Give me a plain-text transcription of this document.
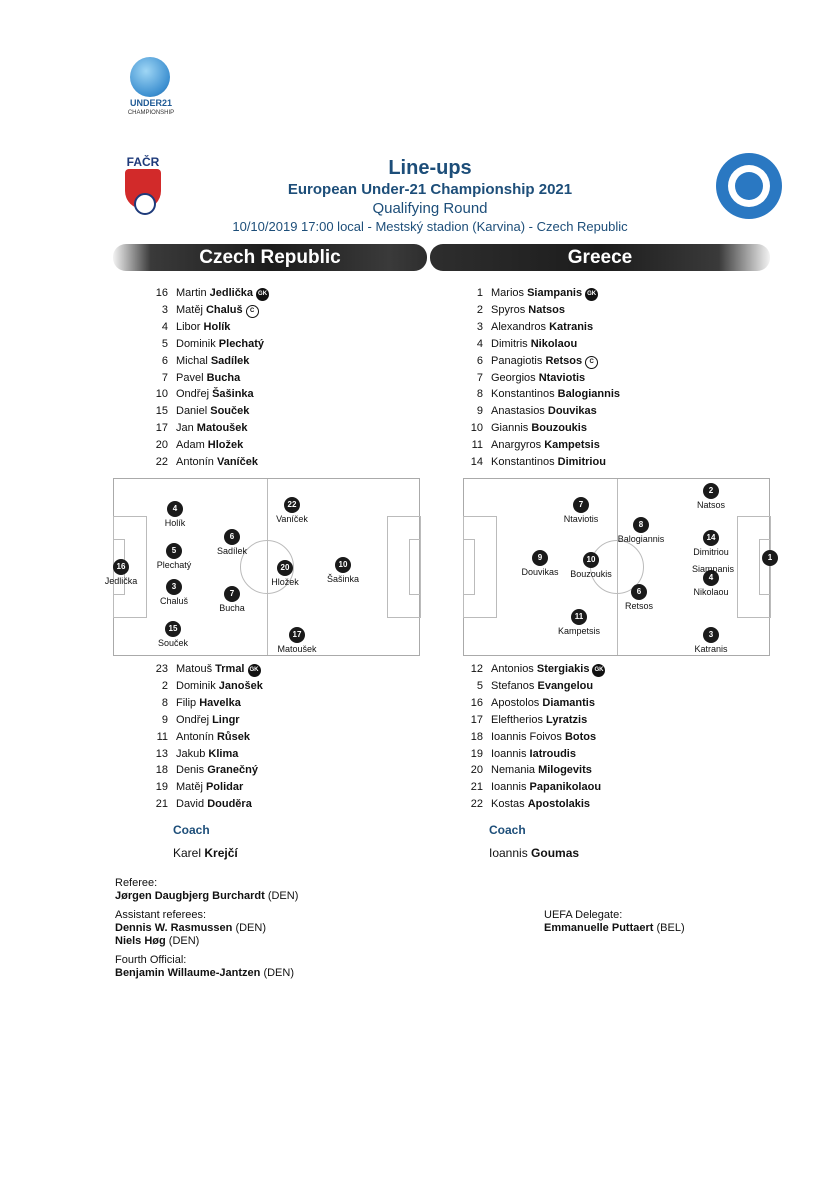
UNDER21
CHAMPIONSHIP
FAČR	Line-ups
European Under-21 Championship 2021
Qualifying Round
10/10/2019 17:00 local - Mestský stadion (Karvina) - Czech Republic
Czech Republic	Greece
16 Martin Jedlička GK
3 Matěj Chaluš C
4 Libor Holík
5 Dominik Plechatý
6 Michal Sadílek
7 Pavel Bucha
10 Ondřej Šašinka
15 Daniel Souček
17 Jan Matoušek
20 Adam Hložek
22 Antonín Vaníček
1 Marios Siampanis GK
2 Spyros Natsos
3 Alexandros Katranis
4 Dimitris Nikolaou
6 Panagiotis Retsos C
7 Georgios Ntaviotis
8 Konstantinos Balogiannis
9 Anastasios Douvikas
10 Giannis Bouzoukis
11 Anargyros Kampetsis
14 Konstantinos Dimitriou
16
Jedlička
4
Holík
5
Plechatý
3
Chaluš
15
Souček
6
Sadílek
7
Bucha
22
Vaníček
20
Hložek
10
Šašinka
17
Matoušek
9
Douvikas
7
Ntaviotis
10
Bouzoukis
11
Kampetsis
8
Balogiannis
6
Retsos
2
Natsos
14
Dimitriou
4
Nikolaou
3
Katranis
1
Siampanis
23 Matouš Trmal GK
2 Dominik Janošek
8 Filip Havelka
9 Ondřej Lingr
11 Antonín Růsek
13 Jakub Klima
18 Denis Granečný
19 Matěj Polidar
21 David Douděra
12 Antonios Stergiakis GK
5 Stefanos Evangelou
16 Apostolos Diamantis
17 Eleftherios Lyratzis
18 Ioannis Foivos Botos
19 Ioannis Iatroudis
20 Nemania Milogevits
21 Ioannis Papanikolaou
22 Kostas Apostolakis
Coach
Karel Krejčí
Coach
Ioannis Goumas
Referee:
Jørgen Daugbjerg Burchardt (DEN)
Assistant referees:
Dennis W. Rasmussen (DEN)
Niels Høg (DEN)
Fourth Official:
Benjamin Willaume-Jantzen (DEN)
UEFA Delegate:
Emmanuelle Puttaert (BEL)
